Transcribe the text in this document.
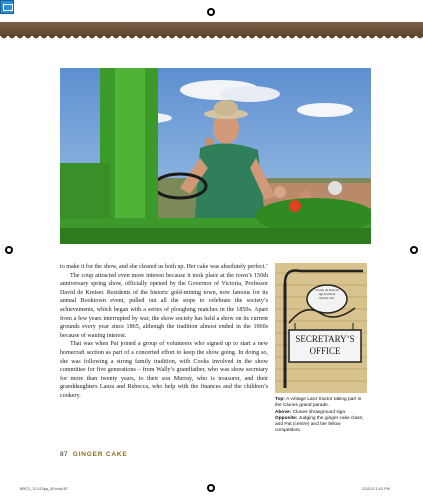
to make it for the show, and she cleared us both up. Her cake was absolutely perfect.’

The coup attracted even more interest because it took place at the town’s 150th anniversary spring show, officially opened by the Governor of Victoria, Professor David de Kretser. Residents of the historic gold-mining town, now famous for its annual Booktown event, pulled out all the stops to celebrate the society’s achievements, which began with a series of ploughing matches in the 1850s. Apart from a few years interrupted by war, the show society has held a show on its current grounds every year since 1865, although the tradition almost ended in the 1960s because of waning interest.

That was when Pat joined a group of volunteers who signed up to start a new homecraft section as part of a concerted effort to keep the show going. In doing so, she was following a strong family tradition, with Cooks involved in the show committee for five generations – from Wally’s grandfather, who was show secretary for more than twenty years, to their son Murray, who is treasurer, and their granddaughters Laura and Rebecca, who help with the finances and the children’s cookery.

Clunes & District
Agricultural
Society Inc.
SECRETARY’S
OFFICE
Top: A vintage Lanz tractor taking part in the Clunes grand parade.
Above: Clunes showground sign.
Opposite: Judging the ginger cake class; and Pat (centre) and her fellow competitors.
87 GINGER CAKE
BRC2_70-113pp_30.indd 87	2/12/13 1:01 PM
